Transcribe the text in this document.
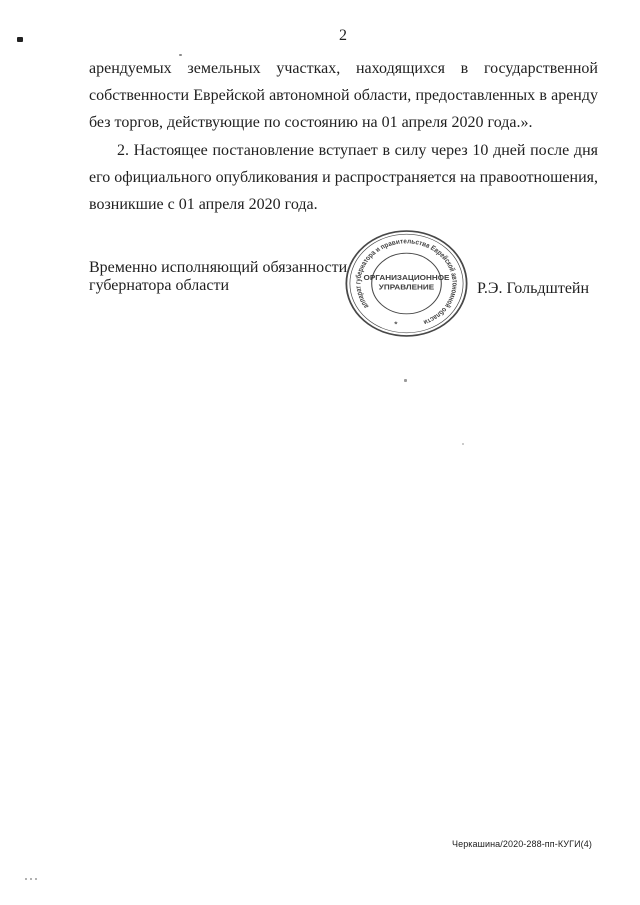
2
арендуемых земельных участках, находящихся в государственной
собственности Еврейской автономной области, предоставленных в аренду
без торгов, действующие по состоянию на 01 апреля 2020 года.».
2. Настоящее постановление вступает в силу через 10 дней после дня
его официального опубликования и распространяется на правоотношения,
возникшие с 01 апреля 2020 года.
Временно исполняющий обязанности
губернатора области	Р.Э. Гольдштейн
аппарат губернатора и правительства Еврейской автономной области
ОРГАНИЗАЦИОННОЕ
УПРАВЛЕНИЕ
*
Черкашина/2020-288-пп-КУГИ(4)
